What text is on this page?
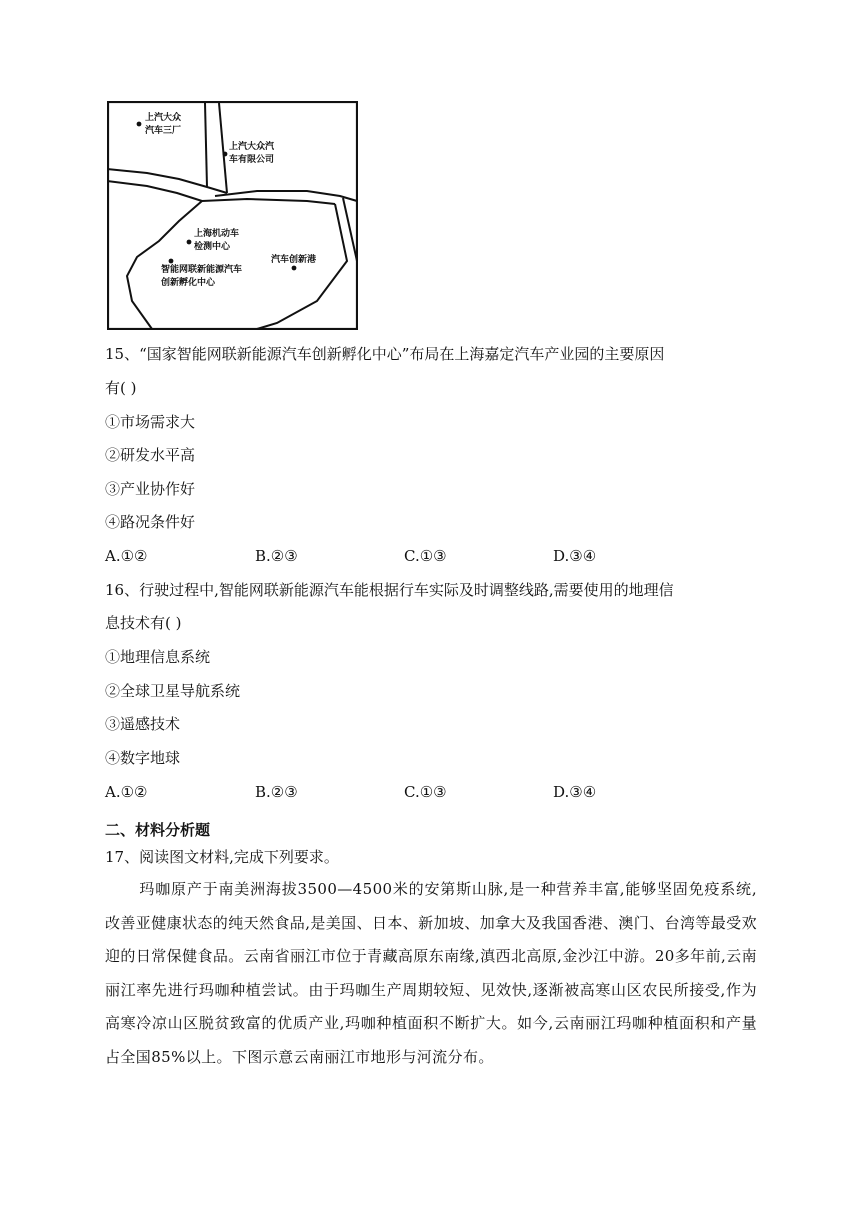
上汽大众
汽车三厂
上汽大众汽
车有限公司
上海机动车
检测中心
智能网联新能源汽车
创新孵化中心
汽车创新港
15、“国家智能网联新能源汽车创新孵化中心”布局在上海嘉定汽车产业园的主要原因
有( )
①市场需求大
②研发水平高
③产业协作好
④路况条件好
A.①②	B.②③	C.①③	D.③④
16、行驶过程中,智能网联新能源汽车能根据行车实际及时调整线路,需要使用的地理信
息技术有( )
①地理信息系统
②全球卫星导航系统
③遥感技术
④数字地球
A.①②	B.②③	C.①③	D.③④
二、材料分析题
17、阅读图文材料,完成下列要求。
玛咖原产于南美洲海拔3500—4500米的安第斯山脉,是一种营养丰富,能够坚固免疫系统,改善亚健康状态的纯天然食品,是美国、日本、新加坡、加拿大及我国香港、澳门、台湾等最受欢迎的日常保健食品。云南省丽江市位于青藏高原东南缘,滇西北高原,金沙江中游。20多年前,云南丽江率先进行玛咖种植尝试。由于玛咖生产周期较短、见效快,逐渐被高寒山区农民所接受,作为高寒冷凉山区脱贫致富的优质产业,玛咖种植面积不断扩大。如今,云南丽江玛咖种植面积和产量占全国85%以上。下图示意云南丽江市地形与河流分布。
